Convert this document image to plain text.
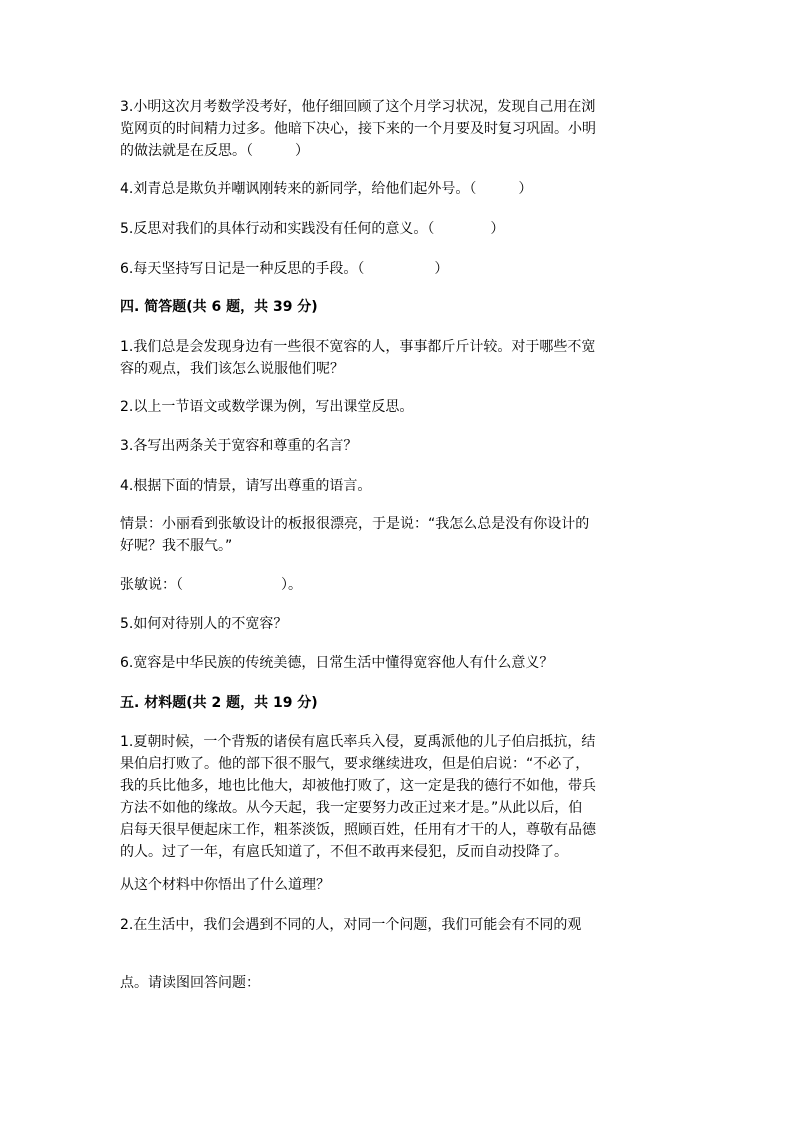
3.小明这次月考数学没考好，他仔细回顾了这个月学习状况，发现自己用在浏
览网页的时间精力过多。他暗下决心，接下来的一个月要及时复习巩固。小明
的做法就是在反思。（　　　）
4.刘青总是欺负并嘲讽刚转来的新同学，给他们起外号。（　　　）
5.反思对我们的具体行动和实践没有任何的意义。（　　　　）
6.每天坚持写日记是一种反思的手段。（　　　　　）
四. 简答题(共 6 题，共 39 分)
1.我们总是会发现身边有一些很不宽容的人，事事都斤斤计较。对于哪些不宽
容的观点，我们该怎么说服他们呢？
2.以上一节语文或数学课为例，写出课堂反思。
3.各写出两条关于宽容和尊重的名言？
4.根据下面的情景，请写出尊重的语言。
情景：小丽看到张敏设计的板报很漂亮，于是说：“我怎么总是没有你设计的
好呢？我不服气。”
张敏说：（　　　　　　　）。
5.如何对待别人的不宽容？
6.宽容是中华民族的传统美德，日常生活中懂得宽容他人有什么意义？
五. 材料题(共 2 题，共 19 分)
1.夏朝时候，一个背叛的诸侯有扈氏率兵入侵，夏禹派他的儿子伯启抵抗，结
果伯启打败了。他的部下很不服气，要求继续进攻，但是伯启说：“不必了，
我的兵比他多，地也比他大，却被他打败了，这一定是我的德行不如他，带兵
方法不如他的缘故。从今天起，我一定要努力改正过来才是。”从此以后，伯
启每天很早便起床工作，粗茶淡饭，照顾百姓，任用有才干的人，尊敬有品德
的人。过了一年，有扈氏知道了，不但不敢再来侵犯，反而自动投降了。
从这个材料中你悟出了什么道理？
2.在生活中，我们会遇到不同的人，对同一个问题，我们可能会有不同的观
点。请读图回答问题：
